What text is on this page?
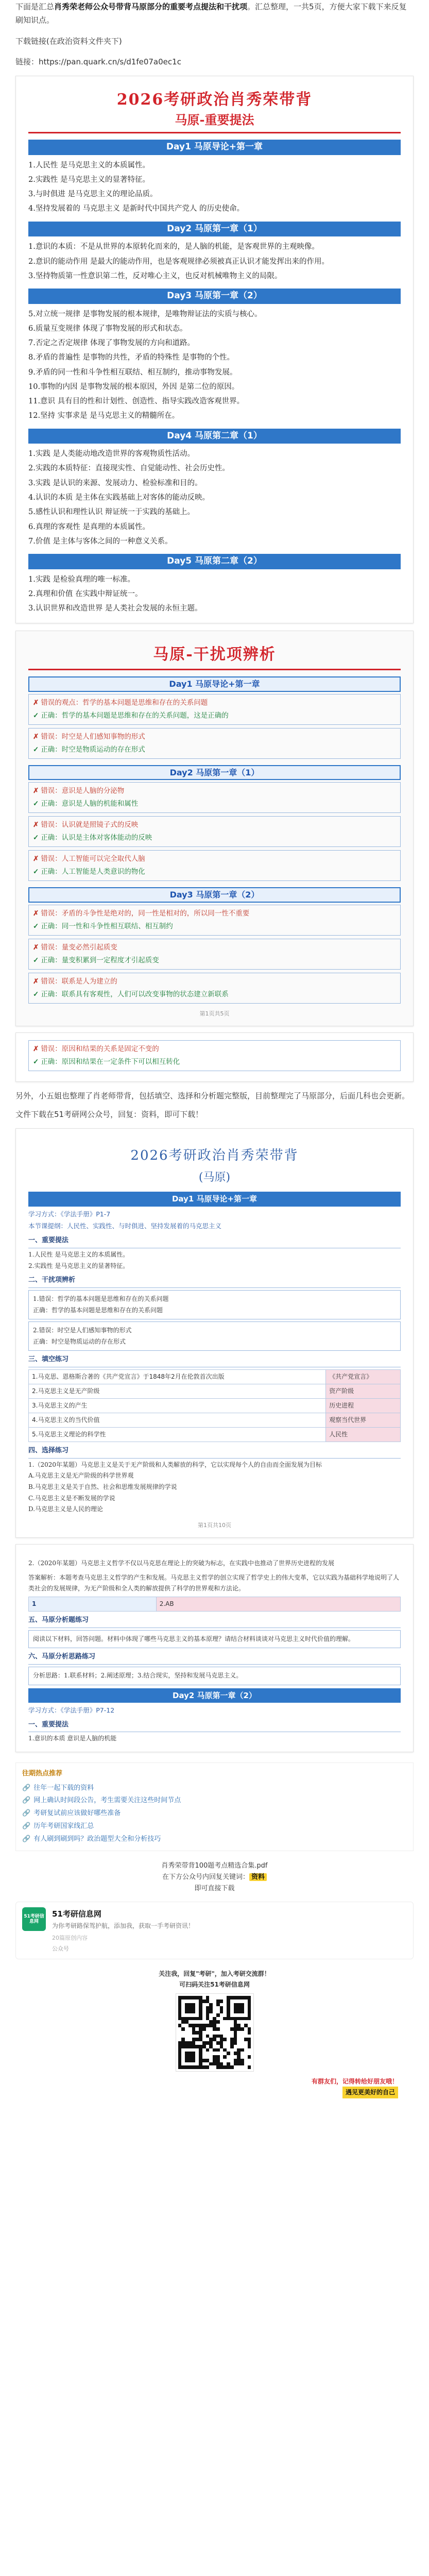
下面是汇总肖秀荣老师公众号带背马原部分的重要考点提法和干扰项。汇总整理，一共5页，方便大家下载下来反复刷知识点。

下载链接(在政治资料文件夹下)

链接：https://pan.quark.cn/s/d1fe07a0ec1c

2026考研政治肖秀荣带背
马原-重要提法
Day1 马原导论+第一章
1.人民性 是马克思主义的本质属性。
2.实践性 是马克思主义的显著特征。
3.与时俱进 是马克思主义的理论品质。
4.坚持发展着的 马克思主义 是新时代中国共产党人 的历史使命。
Day2 马原第一章（1）
1.意识的本质：不是从世界的本原转化而来的，是人脑的机能，是客观世界的主观映像。
2.意识的能动作用 是最大的能动作用，也是客观规律必须被真正认识才能发挥出来的作用。
3.坚持物质第一性意识第二性，反对唯心主义，也反对机械唯物主义的局限。
Day3 马原第一章（2）
5.对立统一规律 是事物发展的根本规律，是唯物辩证法的实质与核心。
6.质量互变规律 体现了事物发展的形式和状态。
7.否定之否定规律 体现了事物发展的方向和道路。
8.矛盾的普遍性 是事物的共性，矛盾的特殊性 是事物的个性。
9.矛盾的同一性和斗争性相互联结、相互制约，推动事物发展。
10.事物的内因 是事物发展的根本原因，外因 是第二位的原因。
11.意识 具有目的性和计划性、创造性、指导实践改造客观世界。
12.坚持 实事求是 是马克思主义的精髓所在。
Day4 马原第二章（1）
1.实践 是人类能动地改造世界的客观物质性活动。
2.实践的本质特征：直接现实性、自觉能动性、社会历史性。
3.实践 是认识的来源、发展动力、检验标准和目的。
4.认识的本质 是主体在实践基础上对客体的能动反映。
5.感性认识和理性认识 辩证统一于实践的基础上。
6.真理的客观性 是真理的本质属性。
7.价值 是主体与客体之间的一种意义关系。
Day5 马原第二章（2）
1.实践 是检验真理的唯一标准。
2.真理和价值 在实践中辩证统一。
3.认识世界和改造世界 是人类社会发展的永恒主题。
马原-干扰项辨析
Day1 马原导论+第一章
✗ 错误的观点：哲学的基本问题是思维和存在的关系问题
✓ 正确：哲学的基本问题是思维和存在的关系问题，这是正确的
✗ 错误：时空是人们感知事物的形式
✓ 正确：时空是物质运动的存在形式
Day2 马原第一章（1）
✗ 错误：意识是人脑的分泌物
✓ 正确：意识是人脑的机能和属性
✗ 错误：认识就是照镜子式的反映
✓ 正确：认识是主体对客体能动的反映
✗ 错误：人工智能可以完全取代人脑
✓ 正确：人工智能是人类意识的物化
Day3 马原第一章（2）
✗ 错误：矛盾的斗争性是绝对的，同一性是相对的，所以同一性不重要
✓ 正确：同一性和斗争性相互联结、相互制约
✗ 错误：量变必然引起质变
✓ 正确：量变积累到一定程度才引起质变
✗ 错误：联系是人为建立的
✓ 正确：联系具有客观性，人们可以改变事物的状态建立新联系
第1页共5页
✗ 错误：原因和结果的关系是固定不变的
✓ 正确：原因和结果在一定条件下可以相互转化

另外，小五姐也整理了肖老师带背，包括填空、选择和分析题完整版，目前整理完了马原部分，后面几科也会更新。

文件下载在51考研网公众号，回复：资料，即可下载！

2026考研政治肖秀荣带背
(马原)
Day1 马原导论+第一章
学习方式：《学法手册》P1-7
本节课提纲：人民性、实践性、与时俱进、坚持发展着的马克思主义
一、重要提法
1.人民性 是马克思主义的本质属性。
2.实践性 是马克思主义的显著特征。
二、干扰项辨析
1.错误：哲学的基本问题是思维和存在的关系问题
正确：哲学的基本问题是思维和存在的关系问题
2.错误：时空是人们感知事物的形式
正确：时空是物质运动的存在形式
三、填空练习
1.马克思、恩格斯合著的《共产党宣言》于1848年2月在伦敦首次出版	《共产党宣言》
2.马克思主义是无产阶级	资产阶级
3.马克思主义的产生	历史进程
4.马克思主义的当代价值	观察当代世界
5.马克思主义理论的科学性	人民性
四、选择练习
1.（2020年某题）马克思主义是关于无产阶级和人类解放的科学，它以实现每个人的自由而全面发展为目标
A.马克思主义是无产阶级的科学世界观
B.马克思主义是关于自然、社会和思维发展规律的学说
C.马克思主义是不断发展的学说
D.马克思主义是人民的理论
第1页共10页
2.（2020年某题）马克思主义哲学不仅以马克思在理论上的突破为标志，在实践中也推动了世界历史进程的发展
答案解析：本题考查马克思主义哲学的产生和发展。马克思主义哲学的创立实现了哲学史上的伟大变革，它以实践为基础科学地说明了人类社会的发展规律，为无产阶级和全人类的解放提供了科学的世界观和方法论。
1	2.AB
五、马原分析题练习
阅读以下材料，回答问题。材料中体现了哪些马克思主义的基本原理？请结合材料谈谈对马克思主义时代价值的理解。
六、马原分析思路练习
分析思路：1.联系材料；2.阐述原理；3.结合现实，坚持和发展马克思主义。
Day2 马原第一章（2）
学习方式：《学法手册》P7-12
一、重要提法
1.意识的本质 意识是人脑的机能
往期热点推荐
🔗 往年一起下载的资料
🔗 网上确认时间段公告，考生需要关注这些时间节点
🔗 考研复试前应该做好哪些准备
🔗 历年考研国家线汇总
🔗 有人刷到刷到吗？政治题型大全和分析技巧
肖秀荣带背100题考点精选合集.pdf
在下方公众号内回复关键词： 资料
即可直接下载
51考研信息网
51考研信息网
为你考研路保驾护航，添加我，获取一手考研资讯！
20篇原创内容
公众号
关注我，回复"考研"，加入考研交流群！
可扫码关注51考研信息网
有群友们，记得转给好朋友哦！
遇见更美好的自己
